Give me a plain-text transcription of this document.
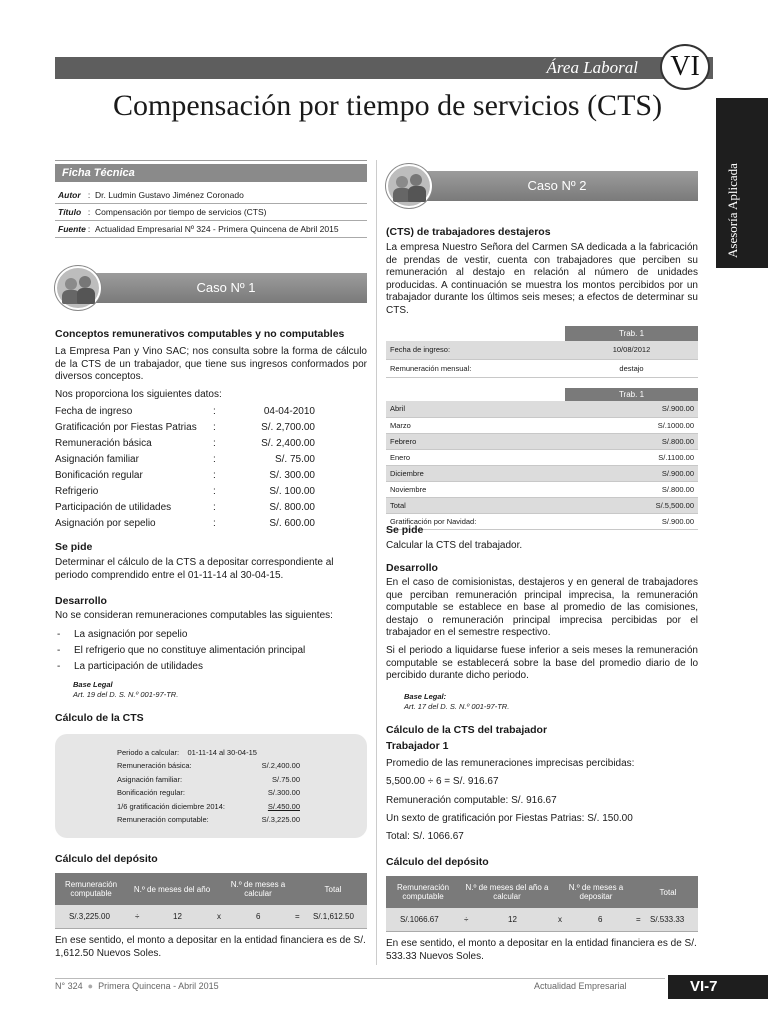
Área Laboral	VI
Compensación por tiempo de servicios (CTS)
Asesoría Aplicada
Ficha Técnica
Autor : Dr. Ludmin Gustavo Jiménez Coronado
Título : Compensación por tiempo de servicios (CTS)
Fuente : Actualidad Empresarial Nº 324 - Primera Quincena de Abril 2015
Caso Nº 1
Conceptos remunerativos computables y no computables
La Empresa Pan y Vino SAC; nos consulta sobre la forma de cálculo de la CTS de un trabajador, que tiene sus ingresos conformados por diversos conceptos.
Nos proporciona los siguientes datos:
Fecha de ingreso	:	04-04-2010
Gratificación por Fiestas Patrias	:	S/. 2,700.00
Remuneración básica	:	S/. 2,400.00
Asignación familiar	:	S/. 75.00
Bonificación regular	:	S/. 300.00
Refrigerio	:	S/. 100.00
Participación de utilidades	:	S/. 800.00
Asignación por sepelio	:	S/. 600.00
Se pide
Determinar el cálculo de la CTS a depositar correspondiente al periodo comprendido entre el 01-11-14 al 30-04-15.
Desarrollo
No se consideran remuneraciones computables las siguientes:
-	La asignación por sepelio
-	El refrigerio que no constituye alimentación principal
-	La participación de utilidades
Base Legal
Art. 19 del D. S. N.º 001-97-TR.
Cálculo de la CTS
Periodo a calcular:    01-11-14 al 30-04-15
Remuneración básica:	S/.2,400.00
Asignación familiar:	S/.75.00
Bonificación regular:	S/.300.00
1/6 gratificación diciembre 2014:	S/.450.00
Remuneración computable:	S/.3,225.00
Cálculo del depósito
Remuneración computable	N.º de meses del año	N.º de meses a calcular	Total
S/.3,225.00	÷	12	x	6	= S/.1,612.50
En ese sentido, el monto a depositar en la entidad financiera es de S/. 1,612.50 Nuevos Soles.
Caso Nº 2
(CTS) de trabajadores destajeros
La empresa Nuestro Señora del Carmen SA dedicada a la fabricación de prendas de vestir, cuenta con trabajadores que perciben su remuneración al destajo en relación al número de unidades producidas. A continuación se muestra los montos percibidos por un trabajador durante los últimos seis meses; a efectos de determinar su CTS.
	Trab. 1
Fecha de ingreso:	10/08/2012
Remuneración mensual:	destajo
	Trab. 1
Abril	S/.900.00
Marzo	S/.1000.00
Febrero	S/.800.00
Enero	S/.1100.00
Diciembre	S/.900.00
Noviembre	S/.800.00
Total	S/.5,500.00
Gratificación por Navidad:	S/.900.00
Se pide
Calcular la CTS del trabajador.
Desarrollo
En el caso de comisionistas, destajeros y en general de trabajadores que perciban remuneración principal imprecisa, la remuneración computable se establece en base al promedio de las comisiones, destajo o remuneración principal imprecisa percibidas por el trabajador en el semestre respectivo.
Si el periodo a liquidarse fuese inferior a seis meses la remuneración computable se establecerá sobre la base del promedio diario de lo percibido durante dicho periodo.
Base Legal:
Art. 17 del D. S. N.º 001-97-TR.
Cálculo de la CTS del trabajador
Trabajador 1
Promedio de las remuneraciones imprecisas percibidas:
5,500.00 ÷ 6 = S/. 916.67
Remuneración computable: S/. 916.67
Un sexto de gratificación por Fiestas Patrias: S/. 150.00
Total: S/. 1066.67
Cálculo del depósito
Remuneración computable	N.º de meses del año a calcular	N.º de meses a depositar	Total
S/.1066.67	÷	12	x	6	= S/.533.33
En ese sentido, el monto a depositar en la entidad financiera es de S/. 533.33 Nuevos Soles.
N° 324  ●  Primera Quincena - Abril 2015	Actualidad Empresarial	VI-7
